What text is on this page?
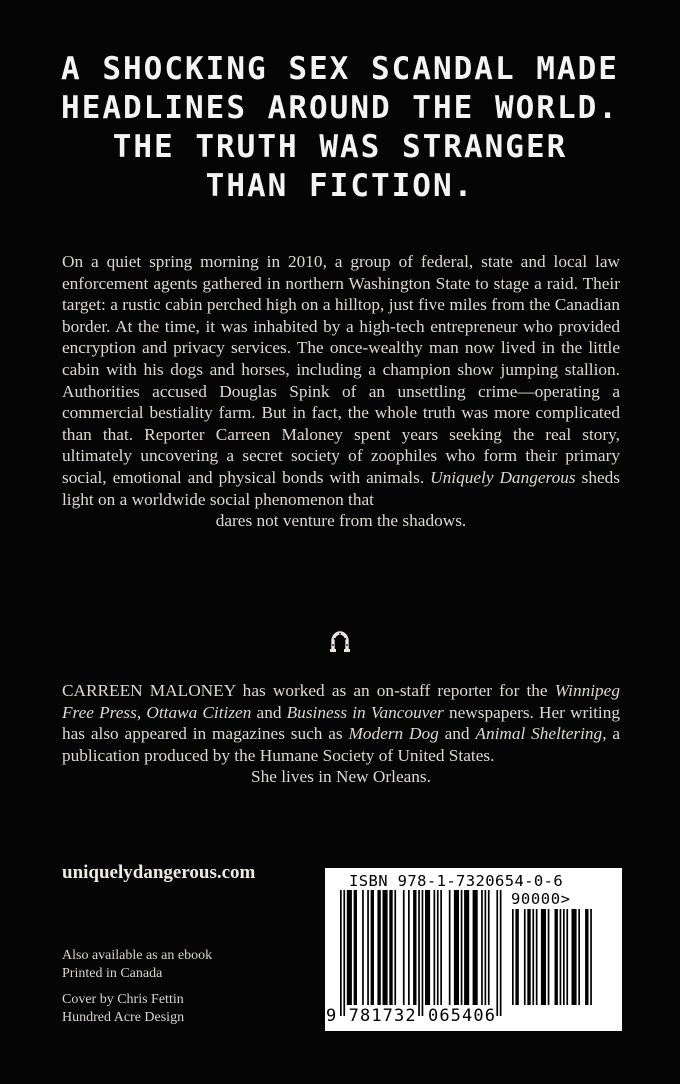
A SHOCKING SEX SCANDAL MADE
HEADLINES AROUND THE WORLD.
THE TRUTH WAS STRANGER
THAN FICTION.
On a quiet spring morning in 2010, a group of federal, state and local law enforcement agents gathered in northern Washington State to stage a raid. Their target: a rustic cabin perched high on a hilltop, just five miles from the Canadian border. At the time, it was inhabited by a high-tech entrepreneur who provided encryption and privacy services. The once-wealthy man now lived in the little cabin with his dogs and horses, including a champion show jumping stallion. Authorities accused Douglas Spink of an unsettling crime—operating a commercial bestiality farm. But in fact, the whole truth was more complicated than that. Reporter Carreen Maloney spent years seeking the real story, ultimately uncovering a secret society of zoophiles who form their primary social, emotional and physical bonds with animals. Uniquely Dangerous sheds light on a worldwide social phenomenon that
dares not venture from the shadows.
CARREEN MALONEY has worked as an on-staff reporter for the Winnipeg Free Press, Ottawa Citizen and Business in Vancouver newspapers. Her writing has also appeared in magazines such as Modern Dog and Animal Sheltering, a publication produced by the Humane Society of United States.
She lives in New Orleans.
uniquelydangerous.com
Also available as an ebook
Printed in Canada
Cover by Chris Fettin
Hundred Acre Design
ISBN 978-1-7320654-0-6
90000>
9 781732 065406
